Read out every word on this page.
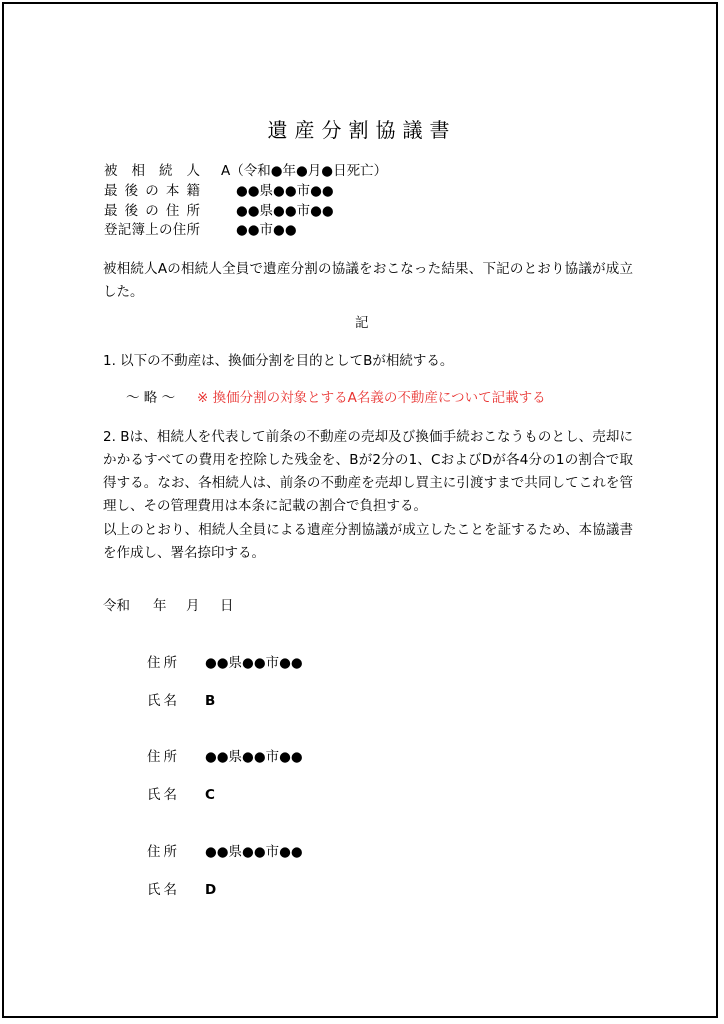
遺産分割協議書
被相続人 A（令和●年●月●日死亡）
最後の本籍	●●県●●市●●
最後の住所	●●県●●市●●
登記簿上の住所	●●市●●
被相続人Aの相続人全員で遺産分割の協議をおこなった結果、下記のとおり協議が成立した。
記
1. 以下の不動産は、換価分割を目的としてBが相続する。
～ 略 ～ ※ 換価分割の対象とするA名義の不動産について記載する
2. Bは、相続人を代表して前条の不動産の売却及び換価手続おこなうものとし、売却にかかるすべての費用を控除した残金を、Bが2分の1、CおよびDが各4分の1の割合で取得する。なお、各相続人は、前条の不動産を売却し買主に引渡すまで共同してこれを管理し、その管理費用は本条に記載の割合で負担する。
以上のとおり、相続人全員による遺産分割協議が成立したことを証するため、本協議書を作成し、署名捺印する。
令和 年 月 日
住所 ●●県●●市●●
氏名 B
住所 ●●県●●市●●
氏名 C
住所 ●●県●●市●●
氏名 D
